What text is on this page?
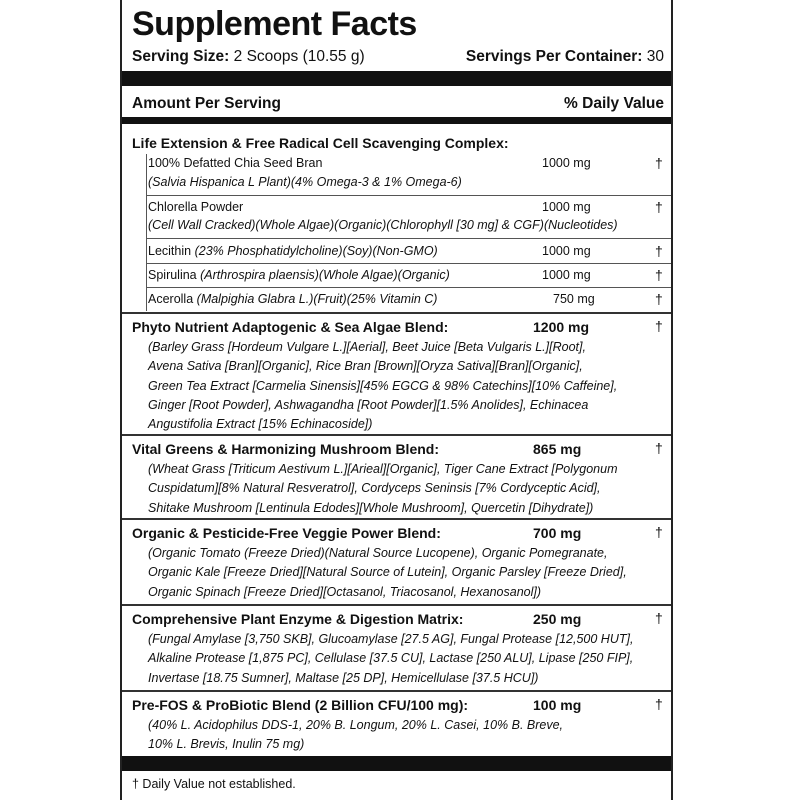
Supplement Facts
Serving Size: 2 Scoops (10.55 g)	Servings Per Container: 30
Amount Per Serving	% Daily Value
Life Extension & Free Radical Cell Scavenging Complex:
100% Defatted Chia Seed Bran	1000 mg	†
(Salvia Hispanica L Plant)(4% Omega-3 & 1% Omega-6)
Chlorella Powder	1000 mg	†
(Cell Wall Cracked)(Whole Algae)(Organic)(Chlorophyll [30 mg] & CGF)(Nucleotides)
Lecithin (23% Phosphatidylcholine)(Soy)(Non-GMO)	1000 mg	†
Spirulina (Arthrospira plaensis)(Whole Algae)(Organic)	1000 mg	†
Acerolla (Malpighia Glabra L.)(Fruit)(25% Vitamin C)	750 mg	†
Phyto Nutrient Adaptogenic & Sea Algae Blend:	1200 mg	†
(Barley Grass [Hordeum Vulgare L.][Aerial], Beet Juice [Beta Vulgaris L.][Root],
Avena Sativa [Bran][Organic], Rice Bran [Brown][Oryza Sativa][Bran][Organic],
Green Tea Extract [Carmelia Sinensis][45% EGCG & 98% Catechins][10% Caffeine],
Ginger [Root Powder], Ashwagandha [Root Powder][1.5% Anolides], Echinacea
Angustifolia Extract [15% Echinacoside])
Vital Greens & Harmonizing Mushroom Blend:	865 mg	†
(Wheat Grass [Triticum Aestivum L.][Arieal][Organic], Tiger Cane Extract [Polygonum
Cuspidatum][8% Natural Resveratrol], Cordyceps Seninsis [7% Cordyceptic Acid],
Shitake Mushroom [Lentinula Edodes][Whole Mushroom], Quercetin [Dihydrate])
Organic & Pesticide-Free Veggie Power Blend:	700 mg	†
(Organic Tomato (Freeze Dried)(Natural Source Lucopene), Organic Pomegranate,
Organic Kale [Freeze Dried][Natural Source of Lutein], Organic Parsley [Freeze Dried],
Organic Spinach [Freeze Dried][Octasanol, Triacosanol, Hexanosanol])
Comprehensive Plant Enzyme & Digestion Matrix:	250 mg	†
(Fungal Amylase [3,750 SKB], Glucoamylase [27.5 AG], Fungal Protease [12,500 HUT],
Alkaline Protease [1,875 PC], Cellulase [37.5 CU], Lactase [250 ALU], Lipase [250 FIP],
Invertase [18.75 Sumner], Maltase [25 DP], Hemicellulase [37.5 HCU])
Pre-FOS & ProBiotic Blend (2 Billion CFU/100 mg):	100 mg	†
(40% L. Acidophilus DDS-1, 20% B. Longum, 20% L. Casei, 10% B. Breve,
10% L. Brevis, Inulin 75 mg)
† Daily Value not established.
